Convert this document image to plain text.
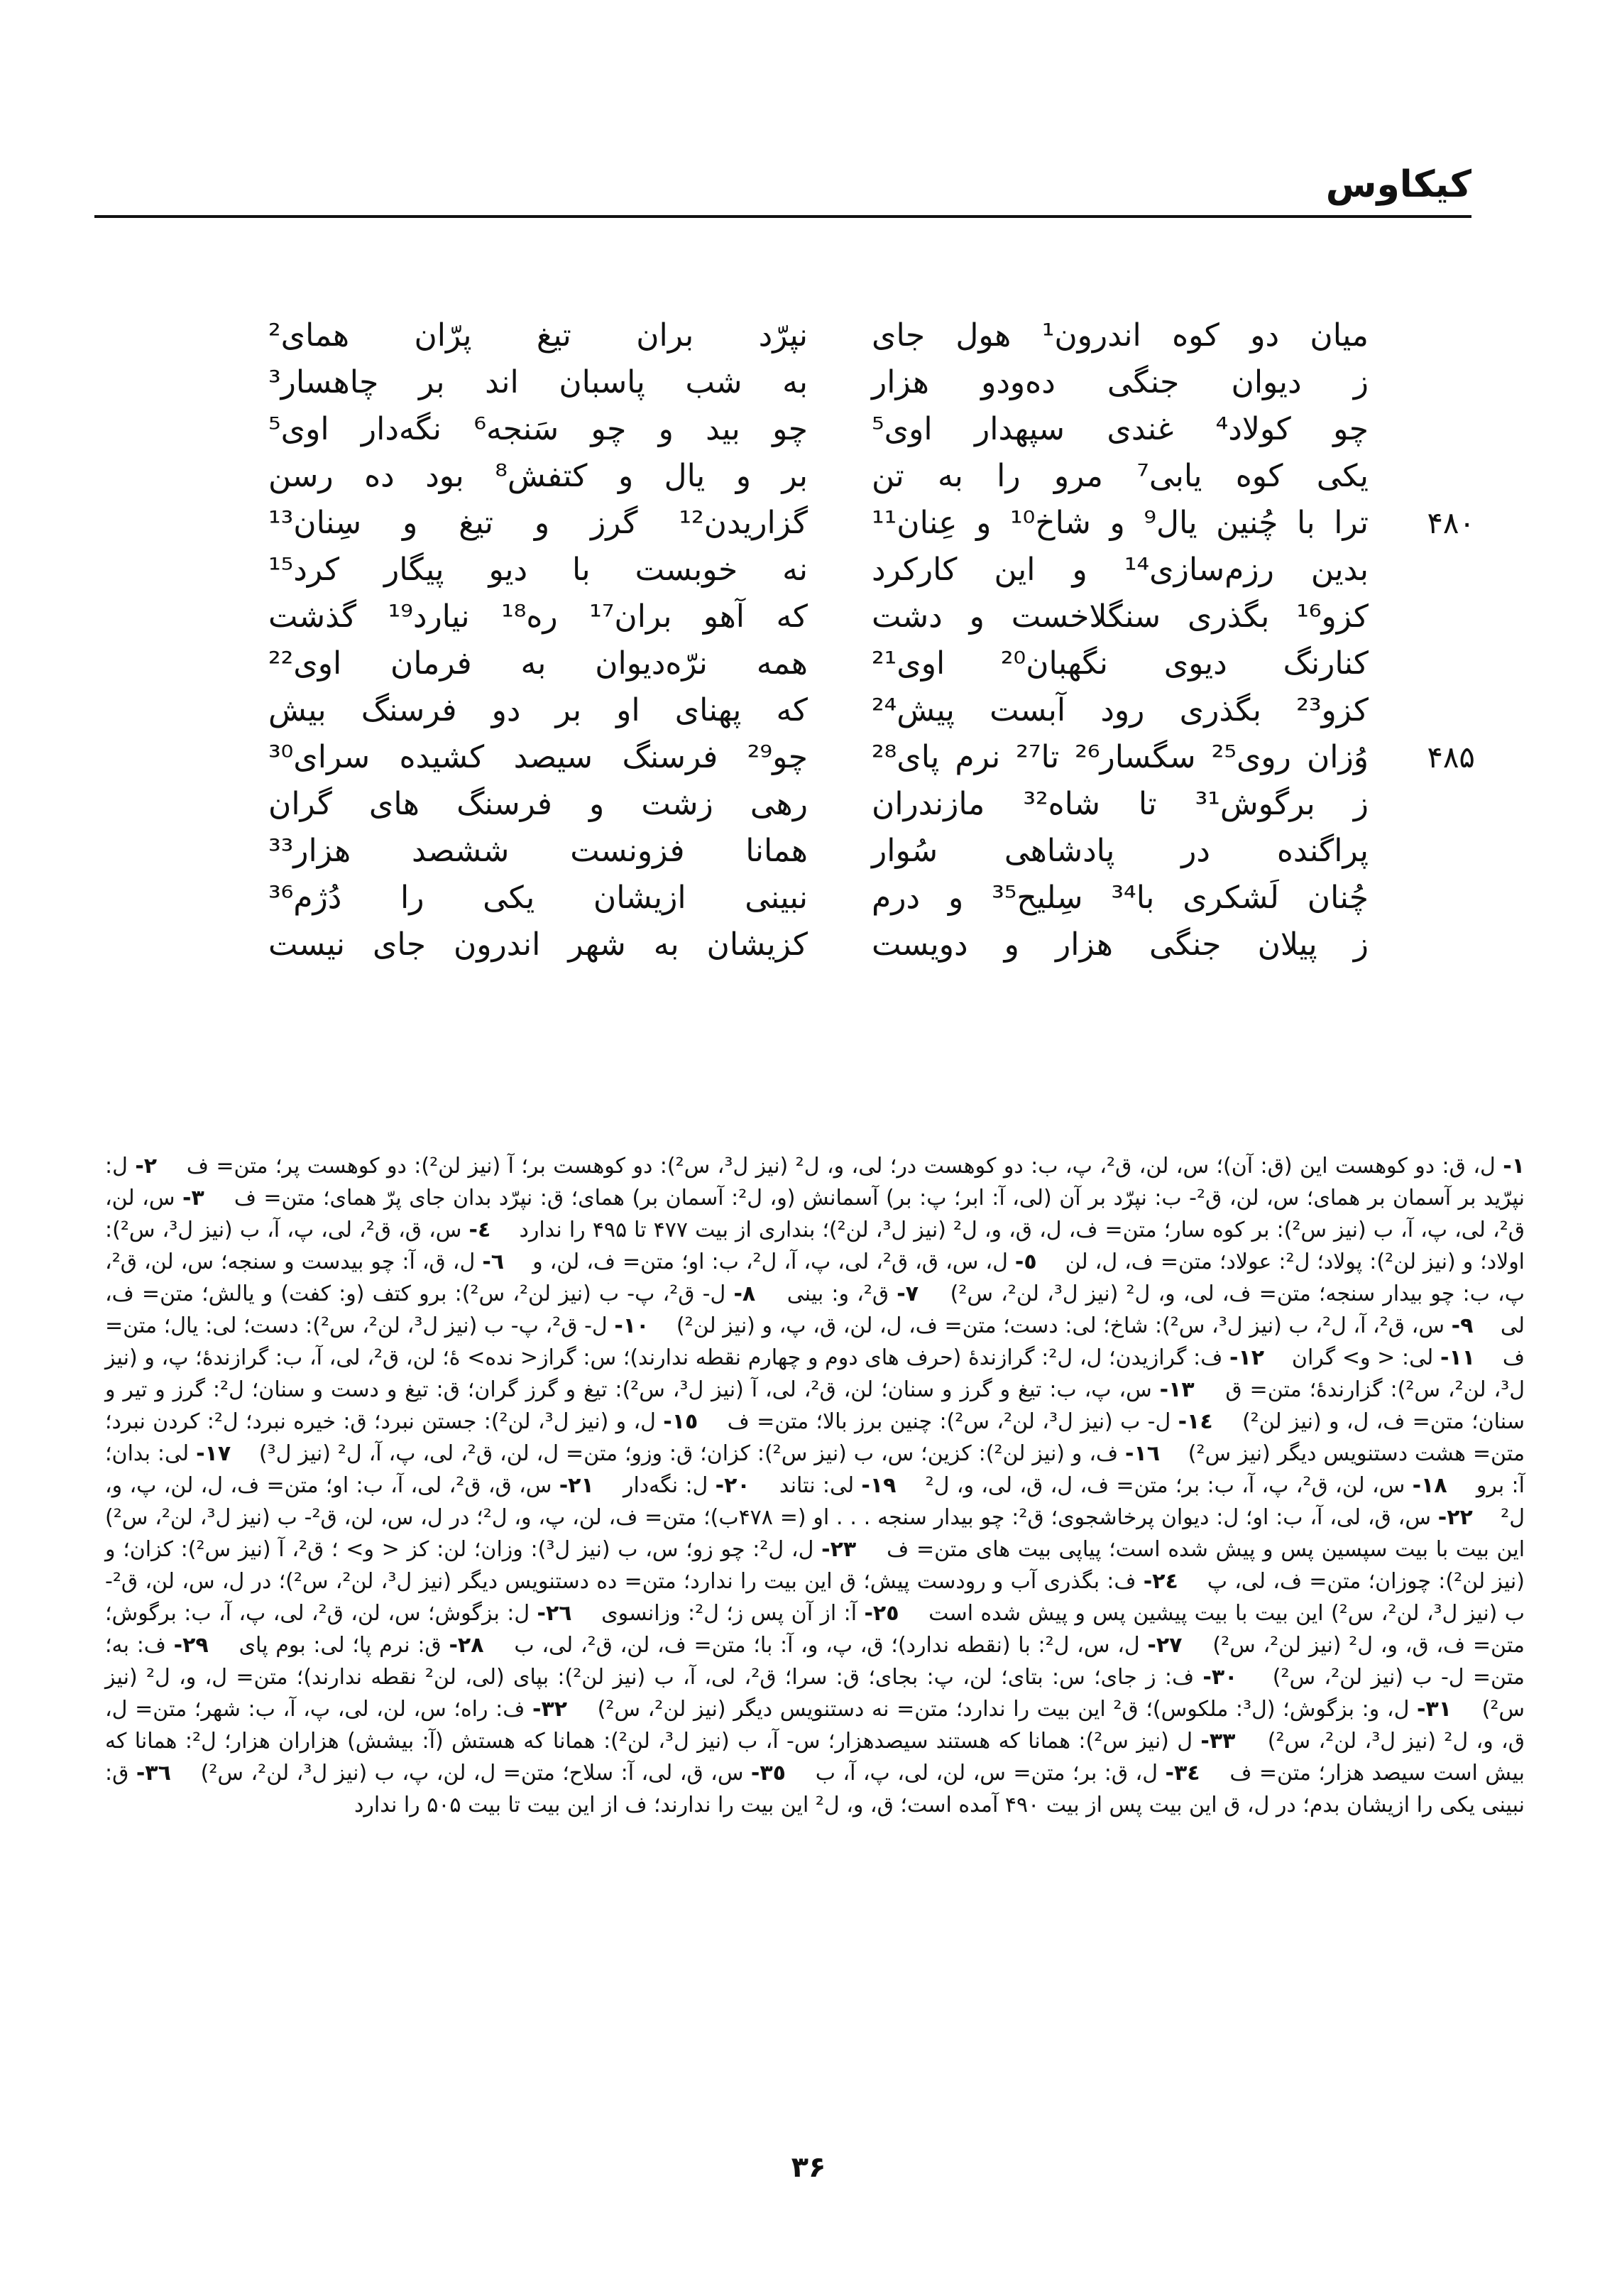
کیکاوس
میان دو کوه اندرون¹ هول جای
ز دیوان جنگی ده‌ودو هزار
چو کولاد⁴ غندی سپهدار اوی⁵
یکی کوه یابی⁷ مرو را به تن
۴۸۰
ترا با چُنین یال⁹ و شاخ¹⁰ و عِنان¹¹
بدین رزم‌سازی¹⁴ و این کارکرد
کزو¹⁶ بگذری سنگلاخست و دشت
کنارنگ دیوی نگهبان²⁰ اوی²¹
کزو²³ بگذری رود آبست پیش²⁴
۴۸۵
وُزان روی²⁵ سگسار²⁶ تا²⁷ نرم پای²⁸
ز برگوش³¹ تا شاه³² مازندران
پراگنده در پادشاهی سُوار
چُنان لَشکری با³⁴ سِلیح³⁵ و درم
ز پیلان جنگی هزار و دویست
نپرّد بران تیغ پرّان همای²
به شب پاسبان اند بر چاهسار³
چو بید و چو سَنجه⁶ نگه‌دار اوی⁵
بر و یال و کتفش⁸ بود ده رسن
گزاریدن¹² گرز و تیغ و سِنان¹³
نه خوبست با دیو پیگار کرد¹⁵
که آهو بران¹⁷ ره¹⁸ نیارد¹⁹ گذشت
همه نرّه‌دیوان به فرمان اوی²²
که پهنای او بر دو فرسنگ بیش
چو²⁹ فرسنگ سیصد کشیده سرای³⁰
رهی زشت و فرسنگ های گران
همانا فزونست ششصد هزار³³
نبینی ازیشان یکی را دُژم³⁶
کزیشان به شهر اندرون جای نیست
۱- ل، ق: دو کوهست این (ق: آن)؛ س، لن، ق²، پ، ب: دو کوهست در؛ لی، و، ل² (نیز ل³، س²): دو کوهست بر؛ آ (نیز لن²): دو کوهست پر؛ متن= ف    ۲- ل: نپرّید بر آسمان بر همای؛ س، لن، ق²- ب: نپرّد بر آن (لی، آ: ابر؛ پ: بر) آسمانش (و، ل²: آسمان بر) همای؛ ق: نپرّد بدان جای پرّ همای؛ متن= ف    ۳- س، لن، ق²، لی، پ، آ، ب (نیز س²): بر کوه سار؛ متن= ف، ل، ق، و، ل² (نیز ل³، لن²)؛ بنداری از بیت ۴۷۷ تا ۴۹۵ را ندارد    ٤- س، ق، ق²، لی، پ، آ، ب (نیز ل³، س²): اولاد؛ و (نیز لن²): پولاد؛ ل²: عولاد؛ متن= ف، ل، لن    ٥- ل، س، ق، ق²، لی، پ، آ، ل²، ب: او؛ متن= ف، لن، و    ٦- ل، ق، آ: چو بیدست و سنجه؛ س، لن، ق²، پ، ب: چو بیدار سنجه؛ متن= ف، لی، و، ل² (نیز ل³، لن²، س²)    ٧- ق²، و: بینی    ٨- ل- ق²، پ- ب (نیز لن²، س²): برو کتف (و: کفت) و یالش؛ متن= ف، لی    ٩- س، ق²، آ، ل²، ب (نیز ل³، س²): شاخ؛ لی: دست؛ متن= ف، ل، لن، ق، پ، و (نیز لن²)    ١٠- ل- ق²، پ- ب (نیز ل³، لن²، س²): دست؛ لی: یال؛ متن= ف    ١١- لی: < و> گران    ١٢- ف: گرازیدن؛ ل، ل²: گرازندهٔ (حرف های دوم و چهارم نقطه ندارند)؛ س: گراز< نده> هٔ؛ لن، ق²، لی، آ، ب: گرازندهٔ؛ پ، و (نیز ل³، لن²، س²): گزارندهٔ؛ متن= ق    ١٣- س، پ، ب: تیغ و گرز و سنان؛ لن، ق²، لی، آ (نیز ل³، س²): تیغ و گرز گران؛ ق: تیغ و دست و سنان؛ ل²: گرز و تیر و سنان؛ متن= ف، ل، و (نیز لن²)    ١٤- ل- ب (نیز ل³، لن²، س²): چنین برز بالا؛ متن= ف    ١٥- ل، و (نیز ل³، لن²): جستن نبرد؛ ق: خیره نبرد؛ ل²: کردن نبرد؛ متن= هشت دستنویس دیگر (نیز س²)    ١٦- ف، و (نیز لن²): کزین؛ س، ب (نیز س²): کزان؛ ق: وزو؛ متن= ل، لن، ق²، لی، پ، آ، ل² (نیز ل³)    ١٧- لی: بدان؛ آ: برو    ١٨- س، لن، ق²، پ، آ، ب: بر؛ متن= ف، ل، ق، لی، و، ل²    ١٩- لی: نتاند    ٢٠- ل: نگه‌دار    ٢١- س، ق، ق²، لی، آ، ب: او؛ متن= ف، ل، لن، پ، و، ل²    ٢٢- س، ق، لی، آ، ب: او؛ ل: دیوان پرخاشجوی؛ ق²: چو بیدار سنجه . . . او (= ۴۷۸ب)؛ متن= ف، لن، پ، و، ل²؛ در ل، س، لن، ق²- ب (نیز ل³، لن²، س²) این بیت با بیت سپسین پس و پیش شده است؛ پیاپی بیت های متن= ف    ٢٣- ل، ل²: چو زو؛ س، ب (نیز ل³): وزان؛ لن: کز < و> ؛ ق²، آ (نیز س²): کزان؛ و (نیز لن²): چوزان؛ متن= ف، لی، پ    ٢٤- ف: بگذری آب و رودست پیش؛ ق این بیت را ندارد؛ متن= ده دستنویس دیگر (نیز ل³، لن²، س²)؛ در ل، س، لن، ق²- ب (نیز ل³، لن²، س²) این بیت با بیت پیشین پس و پیش شده است    ٢٥- آ: از آن پس ز؛ ل²: وزانسوی    ٢٦- ل: بزگوش؛ س، لن، ق²، لی، پ، آ، ب: برگوش؛ متن= ف، ق، و، ل² (نیز لن²، س²)    ٢٧- ل، س، ل²: با (نقطه ندارد)؛ ق، پ، و، آ: با؛ متن= ف، لن، ق²، لی، ب    ٢٨- ق: نرم پا؛ لی: بوم پای    ٢٩- ف: به؛ متن= ل- ب (نیز لن²، س²)    ٣٠- ف: ز جای؛ س: بتای؛ لن، پ: بجای؛ ق: سرا؛ ق²، لی، آ، ب (نیز لن²): بپای (لی، لن² نقطه ندارند)؛ متن= ل، و، ل² (نیز س²)    ٣١- ل، و: بزگوش؛ (ل³: ملکوس)؛ ق² این بیت را ندارد؛ متن= نه دستنویس دیگر (نیز لن²، س²)    ٣٢- ف: راه؛ س، لن، لی، پ، آ، ب: شهر؛ متن= ل، ق، و، ل² (نیز ل³، لن²، س²)    ٣٣- ل (نیز س²): همانا که هستند سیصدهزار؛ س- آ، ب (نیز ل³، لن²): همانا که هستش (آ: بیشش) هزاران هزار؛ ل²: همانا که بیش است سیصد هزار؛ متن= ف    ٣٤- ل، ق: بر؛ متن= س، لن، لی، پ، آ، ب    ٣٥- س، ق، لی، آ: سلاح؛ متن= ل، لن، پ، ب (نیز ل³، لن²، س²)    ٣٦- ق: نبینی یکی را ازیشان بدم؛ در ل، ق این بیت پس از بیت ۴۹۰ آمده است؛ ق، و، ل² این بیت را ندارند؛ ف از این بیت تا بیت ۵۰۵ را ندارد
۳۶
